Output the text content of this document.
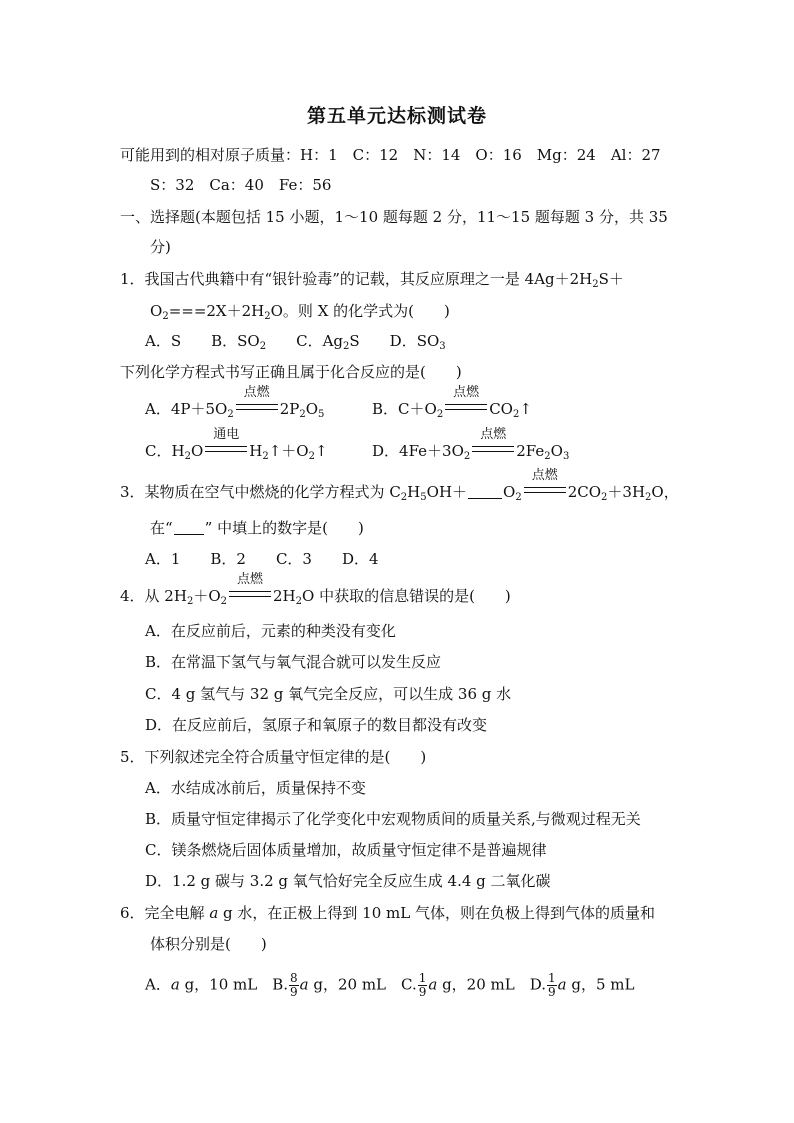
第五单元达标测试卷
可能用到的相对原子质量：H：1　C：12　N：14　O：16　Mg：24　Al：27
S：32　Ca：40　Fe：56
一、选择题(本题包括 15 小题，1～10 题每题 2 分，11～15 题每题 3 分，共 35
分)
1．我国古代典籍中有“银针验毒”的记载，其反应原理之一是 $4Ag+2H_2S+$
$O_2===2X+2H_2O$。则 X 的化学式为(　　)
A．S　　B．$SO_2$　　C．$Ag_2S$　　D．$SO_3$
下列化学方程式书写正确且属于化合反应的是(　　)
A．$4P+5O_2$
点燃
$2P_2O_5$	B．$C+O_2$
点燃
$CO_2↑$
C．$H_2O$
通电
$H_2↑+O_2↑$	D．$4Fe+3O_2$
点燃
$2Fe_2O_3$
3．某物质在空气中燃烧的化学方程式为 $C_2H_5OH+ O_2$
点燃
$2CO_2+3H_2O$，
在“ ” 中填上的数字是(　　)
A．1　　B．2　　C．3　　D．4
4．从 $2H_2+O_2$
点燃
$2H_2O$ 中获取的信息错误的是(　　)
A．在反应前后，元素的种类没有变化
B．在常温下氢气与氧气混合就可以发生反应
C．4 g 氢气与 32 g 氧气完全反应，可以生成 36 g 水
D．在反应前后，氢原子和氧原子的数目都没有改变
5．下列叙述完全符合质量守恒定律的是(　　)
A．水结成冰前后，质量保持不变
B．质量守恒定律揭示了化学变化中宏观物质间的质量关系,与微观过程无关
C．镁条燃烧后固体质量增加，故质量守恒定律不是普遍规律
D．1.2 g 碳与 3.2 g 氧气恰好完全反应生成 4.4 g 二氧化碳
6．完全电解 a g 水，在正极上得到 10 mL 气体，则在负极上得到气体的质量和
体积分别是(　　)
A．a g，10 mL　B. $\frac{8}{9}$ a g，20 mL　C. $\frac{1}{9}$ a g，20 mL　D. $\frac{1}{9}$ a g，5 mL
